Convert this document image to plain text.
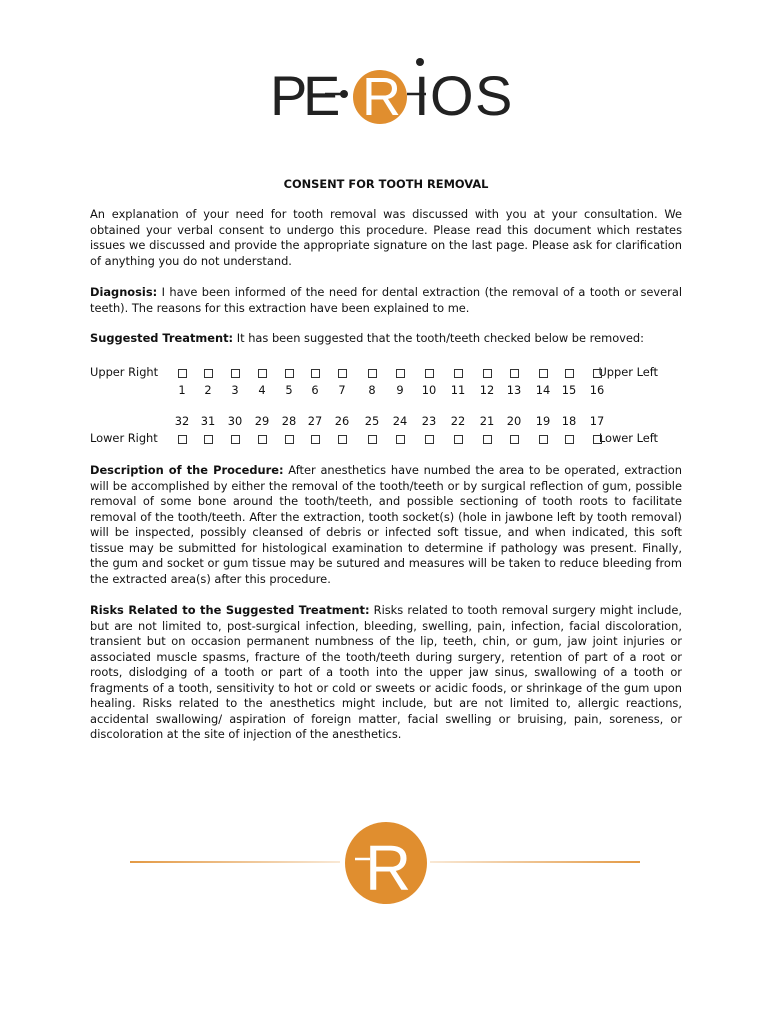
P
E R I O S
CONSENT FOR TOOTH REMOVAL

An explanation of your need for tooth removal was discussed with you at your consultation. We obtained your verbal consent to undergo this procedure. Please read this document which restates issues we discussed and provide the appropriate signature on the last page. Please ask for clarification of anything you do not understand.

Diagnosis: I have been informed of the need for dental extraction (the removal of a tooth or several teeth). The reasons for this extraction have been explained to me.

Suggested Treatment: It has been suggested that the tooth/teeth checked below be removed:

Upper Right	Upper Left
1	2	3	4	5	6	7	8	9	10 11 12 13 14 15 16
32 31 30 29 28 27 26 25 24 23 22 21 20 19 18 17
Lower Right	Lower Left

Description of the Procedure: After anesthetics have numbed the area to be operated, extraction will be accomplished by either the removal of the tooth/teeth or by surgical reflection of gum, possible removal of some bone around the tooth/teeth, and possible sectioning of tooth roots to facilitate removal of the tooth/teeth. After the extraction, tooth socket(s) (hole in jawbone left by tooth removal) will be inspected, possibly cleansed of debris or infected soft tissue, and when indicated, this soft tissue may be submitted for histological examination to determine if pathology was present. Finally, the gum and socket or gum tissue may be sutured and measures will be taken to reduce bleeding from the extracted area(s) after this procedure.

Risks Related to the Suggested Treatment: Risks related to tooth removal surgery might include, but are not limited to, post-surgical infection, bleeding, swelling, pain, infection, facial discoloration, transient but on occasion permanent numbness of the lip, teeth, chin, or gum, jaw joint injuries or associated muscle spasms, fracture of the tooth/teeth during surgery, retention of part of a root or roots, dislodging of a tooth or part of a tooth into the upper jaw sinus, swallowing of a tooth or fragments of a tooth, sensitivity to hot or cold or sweets or acidic foods, or shrinkage of the gum upon healing. Risks related to the anesthetics might include, but are not limited to, allergic reactions, accidental swallowing/ aspiration of foreign matter, facial swelling or bruising, pain, soreness, or discoloration at the site of injection of the anesthetics.

R
